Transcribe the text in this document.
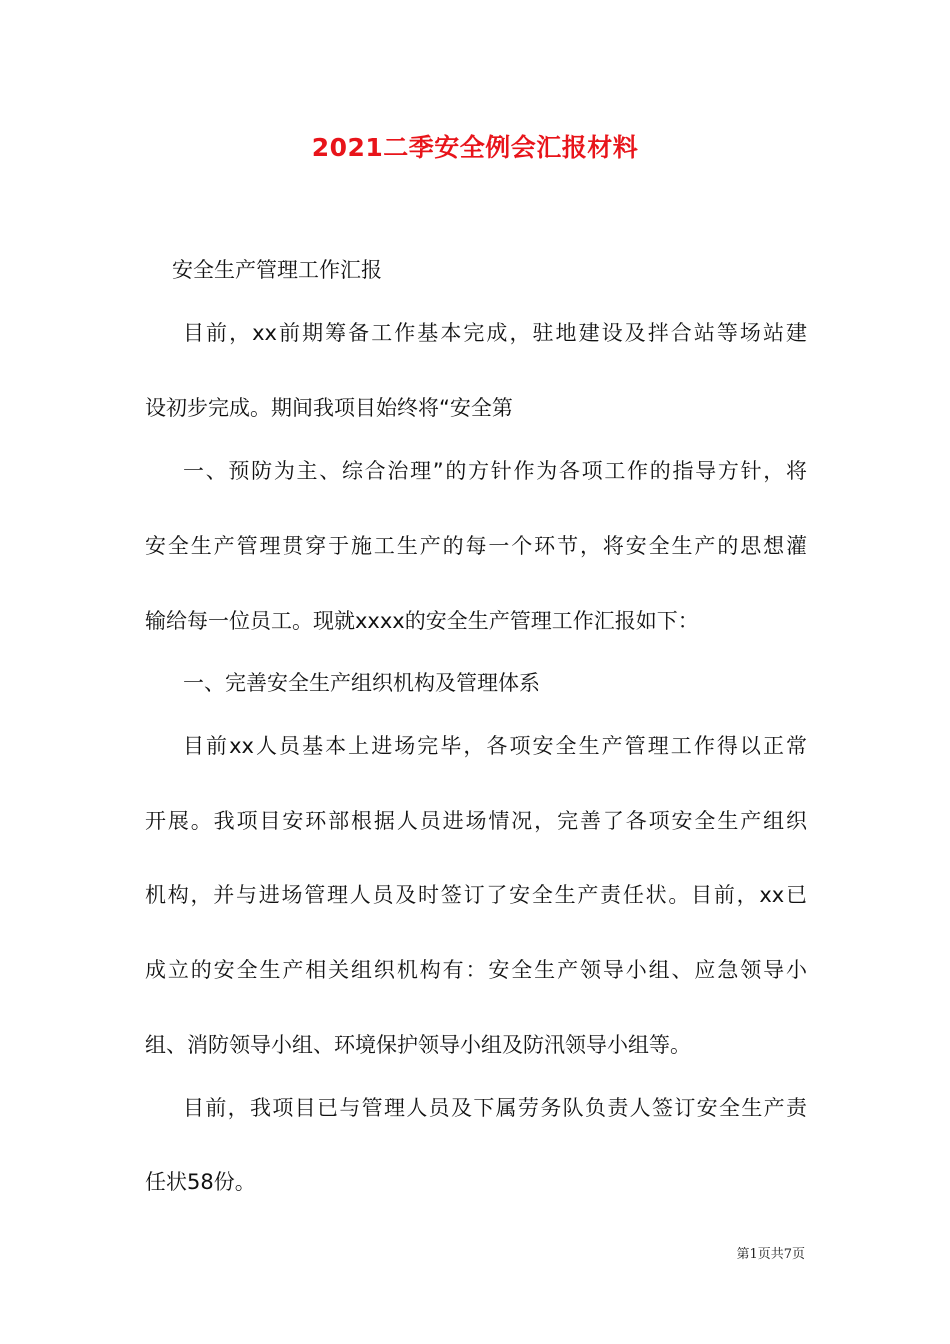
2021二季安全例会汇报材料
安全生产管理工作汇报
目前，xx前期筹备工作基本完成，驻地建设及拌合站等场站建
设初步完成。期间我项目始终将“安全第
一、预防为主、综合治理”的方针作为各项工作的指导方针，将
安全生产管理贯穿于施工生产的每一个环节，将安全生产的思想灌
输给每一位员工。现就xxxx的安全生产管理工作汇报如下：
一、完善安全生产组织机构及管理体系
目前xx人员基本上进场完毕，各项安全生产管理工作得以正常
开展。我项目安环部根据人员进场情况，完善了各项安全生产组织
机构，并与进场管理人员及时签订了安全生产责任状。目前，xx已
成立的安全生产相关组织机构有：安全生产领导小组、应急领导小
组、消防领导小组、环境保护领导小组及防汛领导小组等。
目前，我项目已与管理人员及下属劳务队负责人签订安全生产责
任状58份。
第1页共7页
